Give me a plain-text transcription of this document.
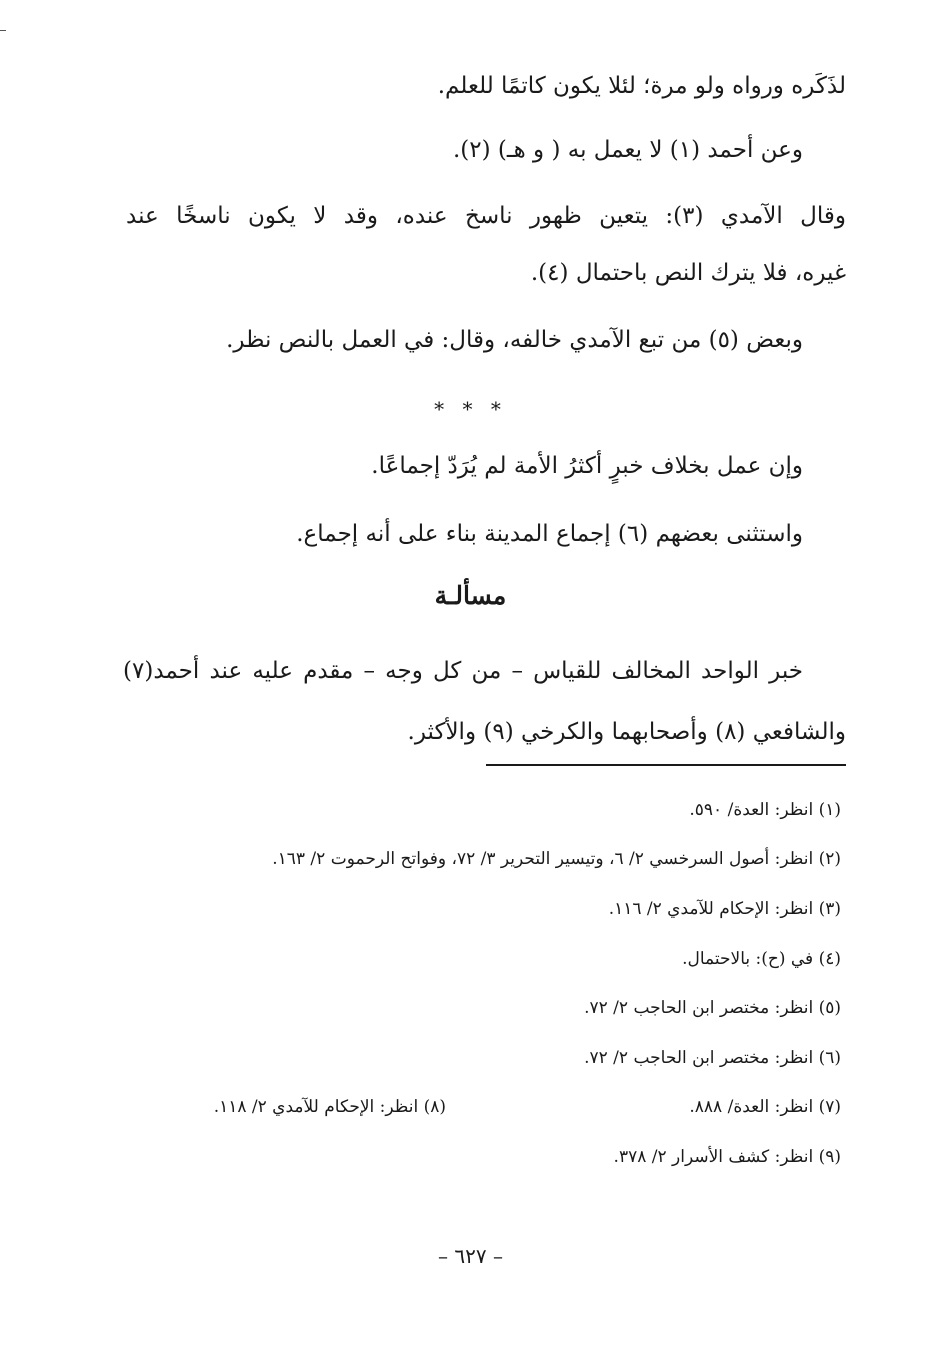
لذَكَره ورواه ولو مرة؛ لئلا يكون كاتمًا للعلم.
وعن أحمد (١) لا يعمل به ( و هـ) (٢).
وقال الآمدي (٣): يتعين ظهور ناسخ عنده، وقد لا يكون ناسخًا عند
غيره، فلا يترك النص باحتمال (٤).
وبعض (٥) من تبع الآمدي خالفه، وقال: في العمل بالنص نظر.
* * *
وإن عمل بخلاف خبرٍ أكثرُ الأمة لم يُرَدّ إجماعًا.
واستثنى بعضهم (٦) إجماع المدينة بناء على أنه إجماع.
مسألـة
خبر الواحد المخالف للقياس – من كل وجه – مقدم عليه عند أحمد(٧)
والشافعي (٨) وأصحابهما والكرخي (٩) والأكثر.
(١) انظر: العدة/ ٥٩٠.
(٢) انظر: أصول السرخسي ٢/ ٦، وتيسير التحرير ٣/ ٧٢، وفواتح الرحموت ٢/ ١٦٣.
(٣) انظر: الإحكام للآمدي ٢/ ١١٦.
(٤) في (ح): بالاحتمال.
(٥) انظر: مختصر ابن الحاجب ٢/ ٧٢.
(٦) انظر: مختصر ابن الحاجب ٢/ ٧٢.
(٧) انظر: العدة/ ٨٨٨.
(٨) انظر: الإحكام للآمدي ٢/ ١١٨.
(٩) انظر: كشف الأسرار ٢/ ٣٧٨.
– ٦٢٧ –
